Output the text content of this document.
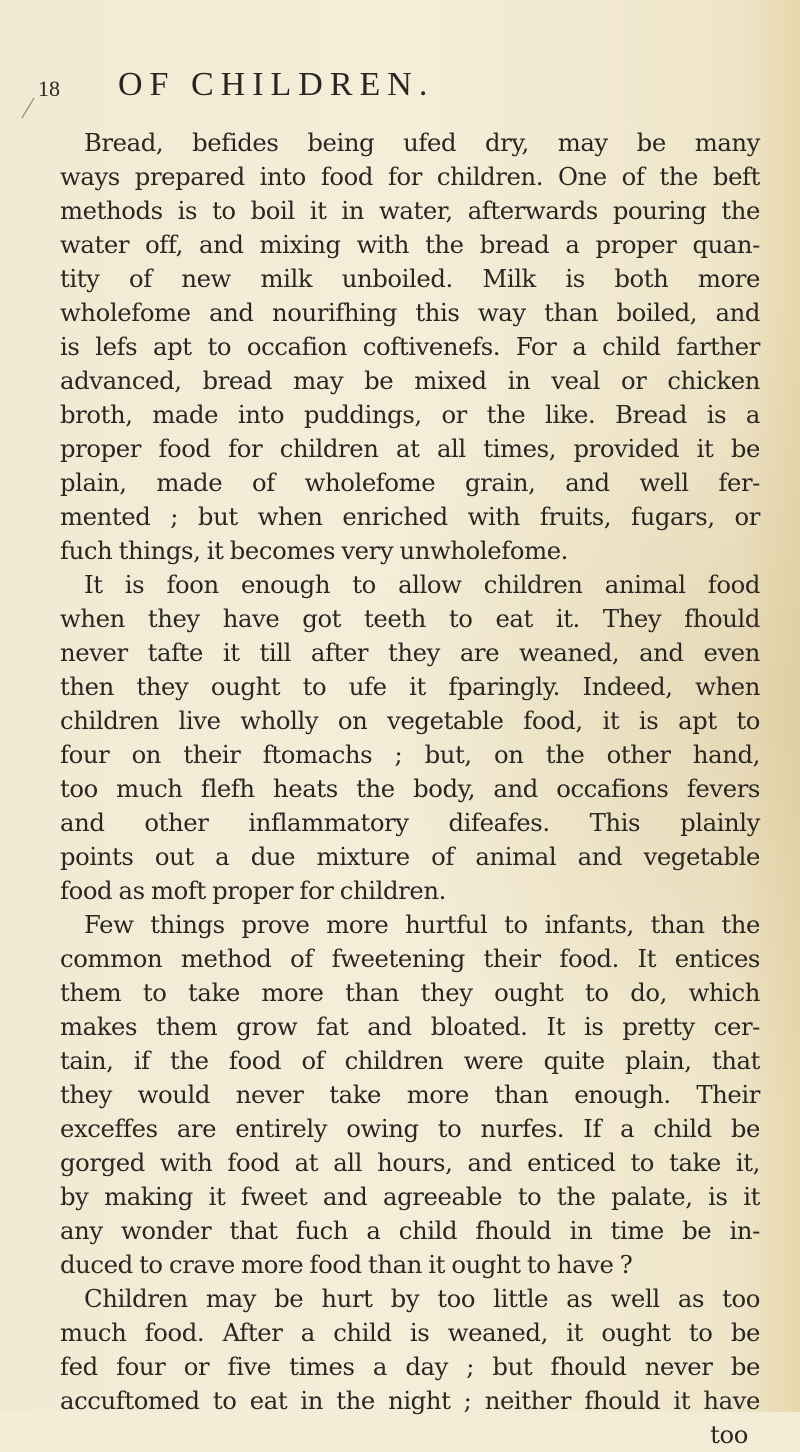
18 OF CHILDREN.
Bread, befides being ufed dry, may be many
ways prepared into food for children. One of the beft
methods is to boil it in water, afterwards pouring the
water off, and mixing with the bread a proper quan-
tity of new milk unboiled. Milk is both more
wholefome and nourifhing this way than boiled, and
is lefs apt to occafion coftivenefs. For a child farther
advanced, bread may be mixed in veal or chicken
broth, made into puddings, or the like. Bread is a
proper food for children at all times, provided it be
plain, made of wholefome grain, and well fer-
mented ; but when enriched with fruits, fugars, or
fuch things, it becomes very unwholefome.
It is foon enough to allow children animal food
when they have got teeth to eat it. They fhould
never tafte it till after they are weaned, and even
then they ought to ufe it fparingly. Indeed, when
children live wholly on vegetable food, it is apt to
four on their ftomachs ; but, on the other hand,
too much flefh heats the body, and occafions fevers
and other inflammatory difeafes. This plainly
points out a due mixture of animal and vegetable
food as moft proper for children.
Few things prove more hurtful to infants, than the
common method of fweetening their food. It entices
them to take more than they ought to do, which
makes them grow fat and bloated. It is pretty cer-
tain, if the food of children were quite plain, that
they would never take more than enough. Their
exceffes are entirely owing to nurfes. If a child be
gorged with food at all hours, and enticed to take it,
by making it fweet and agreeable to the palate, is it
any wonder that fuch a child fhould in time be in-
duced to crave more food than it ought to have ?
Children may be hurt by too little as well as too
much food. After a child is weaned, it ought to be
fed four or five times a day ; but fhould never be
accuftomed to eat in the night ; neither fhould it have
too
